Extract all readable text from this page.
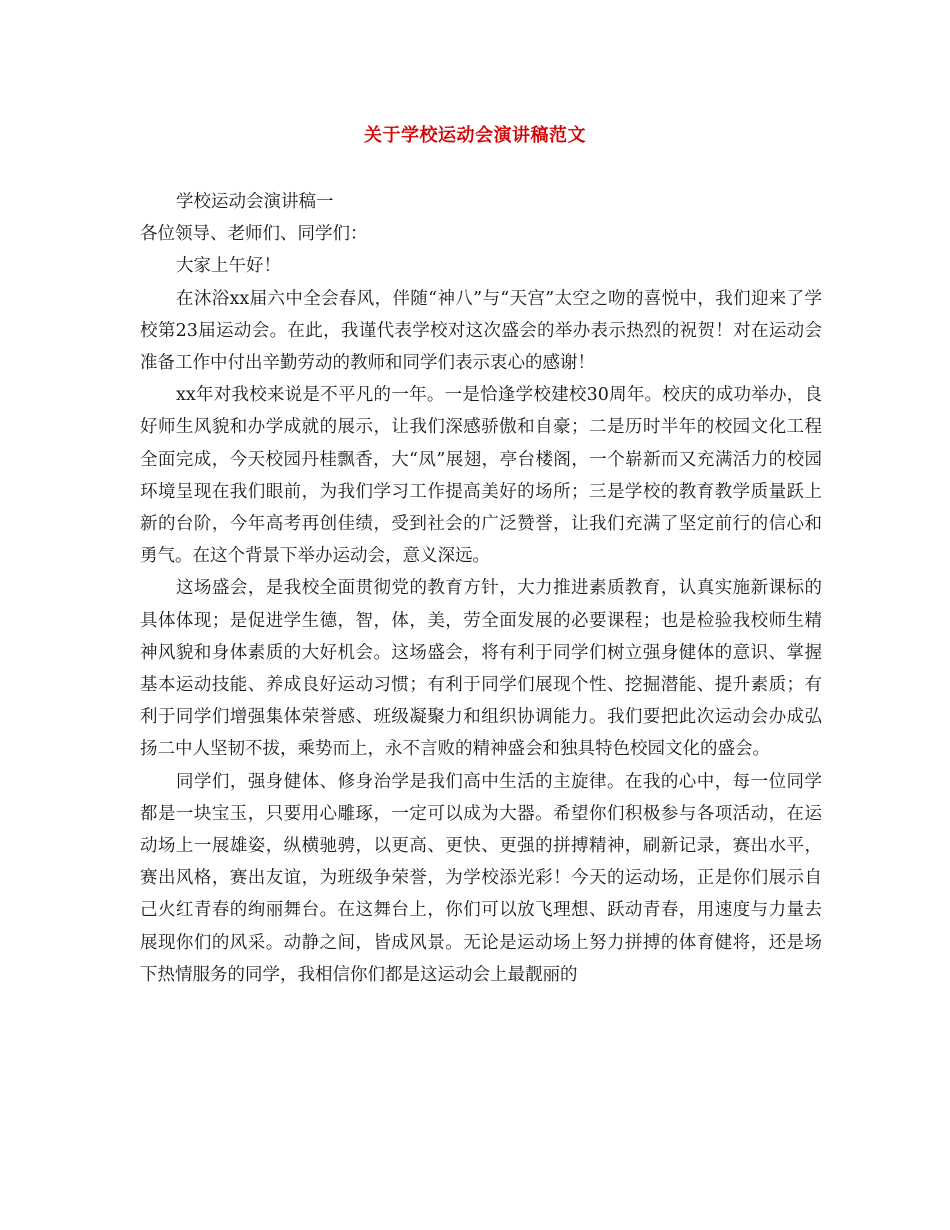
关于学校运动会演讲稿范文

学校运动会演讲稿一

各位领导、老师们、同学们：

大家上午好！

在沐浴xx届六中全会春风，伴随“神八”与“天宫”太空之吻的喜悦中，我们迎来了学校第23届运动会。在此，我谨代表学校对这次盛会的举办表示热烈的祝贺！对在运动会准备工作中付出辛勤劳动的教师和同学们表示衷心的感谢！

xx年对我校来说是不平凡的一年。一是恰逢学校建校30周年。校庆的成功举办，良好师生风貌和办学成就的展示，让我们深感骄傲和自豪；二是历时半年的校园文化工程全面完成，今天校园丹桂飘香，大“凤”展翅，亭台楼阁，一个崭新而又充满活力的校园环境呈现在我们眼前，为我们学习工作提高美好的场所；三是学校的教育教学质量跃上新的台阶，今年高考再创佳绩，受到社会的广泛赞誉，让我们充满了坚定前行的信心和勇气。在这个背景下举办运动会，意义深远。

这场盛会，是我校全面贯彻党的教育方针，大力推进素质教育，认真实施新课标的具体体现；是促进学生德，智，体，美，劳全面发展的必要课程；也是检验我校师生精神风貌和身体素质的大好机会。这场盛会，将有利于同学们树立强身健体的意识、掌握基本运动技能、养成良好运动习惯；有利于同学们展现个性、挖掘潜能、提升素质；有利于同学们增强集体荣誉感、班级凝聚力和组织协调能力。我们要把此次运动会办成弘扬二中人坚韧不拔，乘势而上，永不言败的精神盛会和独具特色校园文化的盛会。

同学们，强身健体、修身治学是我们高中生活的主旋律。在我的心中，每一位同学都是一块宝玉，只要用心雕琢，一定可以成为大器。希望你们积极参与各项活动，在运动场上一展雄姿，纵横驰骋，以更高、更快、更强的拼搏精神，刷新记录，赛出水平，赛出风格，赛出友谊，为班级争荣誉，为学校添光彩！今天的运动场，正是你们展示自己火红青春的绚丽舞台。在这舞台上，你们可以放飞理想、跃动青春，用速度与力量去展现你们的风采。动静之间，皆成风景。无论是运动场上努力拼搏的体育健将，还是场下热情服务的同学，我相信你们都是这运动会上最靓丽的
